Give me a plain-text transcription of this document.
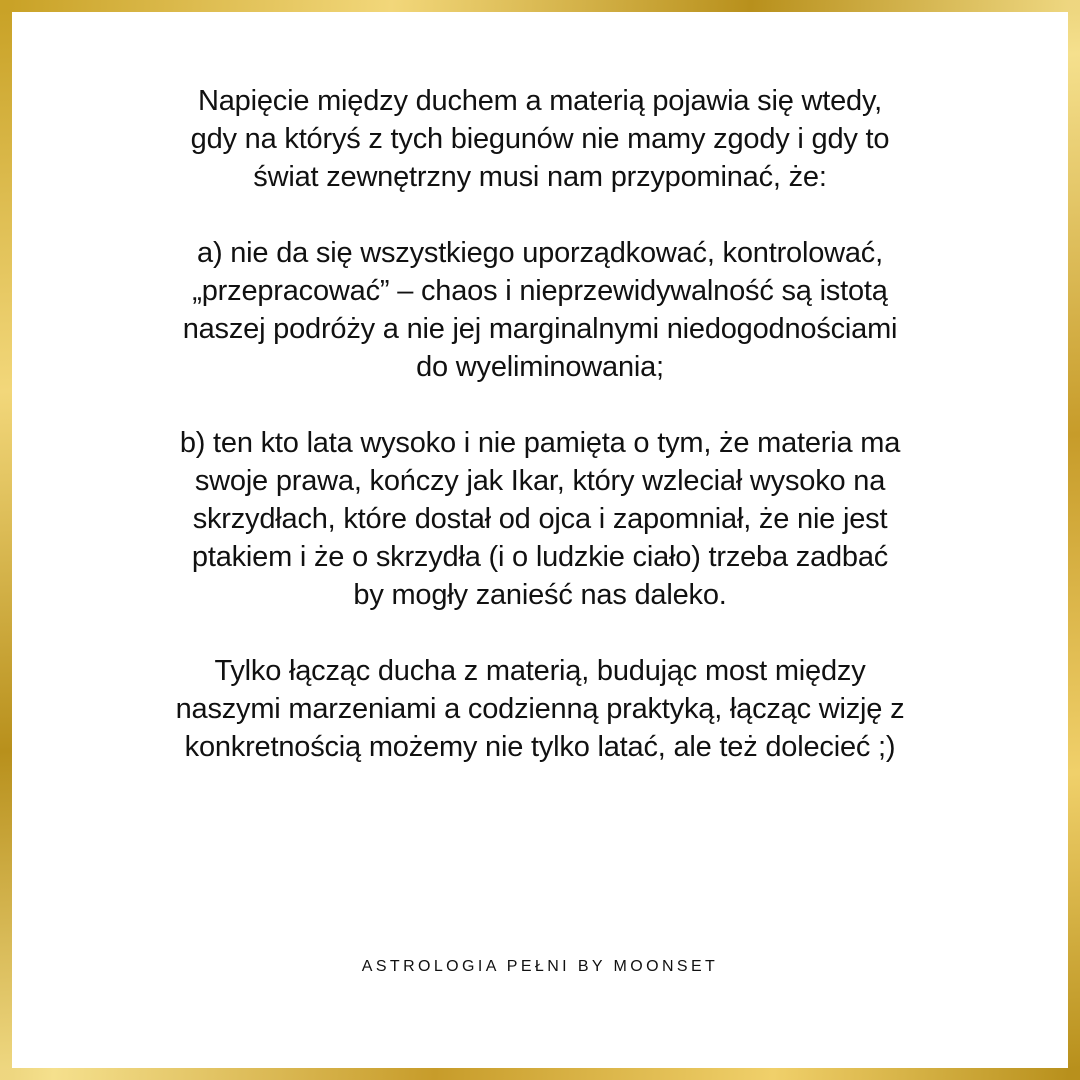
Napięcie między duchem a materią pojawia się wtedy,
gdy na któryś z tych biegunów nie mamy zgody i gdy to
świat zewnętrzny musi nam przypominać, że:

a) nie da się wszystkiego uporządkować, kontrolować,
„przepracować” – chaos i nieprzewidywalność są istotą
naszej podróży a nie jej marginalnymi niedogodnościami
do wyeliminowania;

b) ten kto lata wysoko i nie pamięta o tym, że materia ma
swoje prawa, kończy jak Ikar, który wzleciał wysoko na
skrzydłach, które dostał od ojca i zapomniał, że nie jest
ptakiem i że o skrzydła (i o ludzkie ciało) trzeba zadbać
by mogły zanieść nas daleko.

Tylko łącząc ducha z materią, budując most między
naszymi marzeniami a codzienną praktyką, łącząc wizję z
konkretnością możemy nie tylko latać, ale też dolecieć ;)

ASTROLOGIA PEŁNI BY MOONSET
